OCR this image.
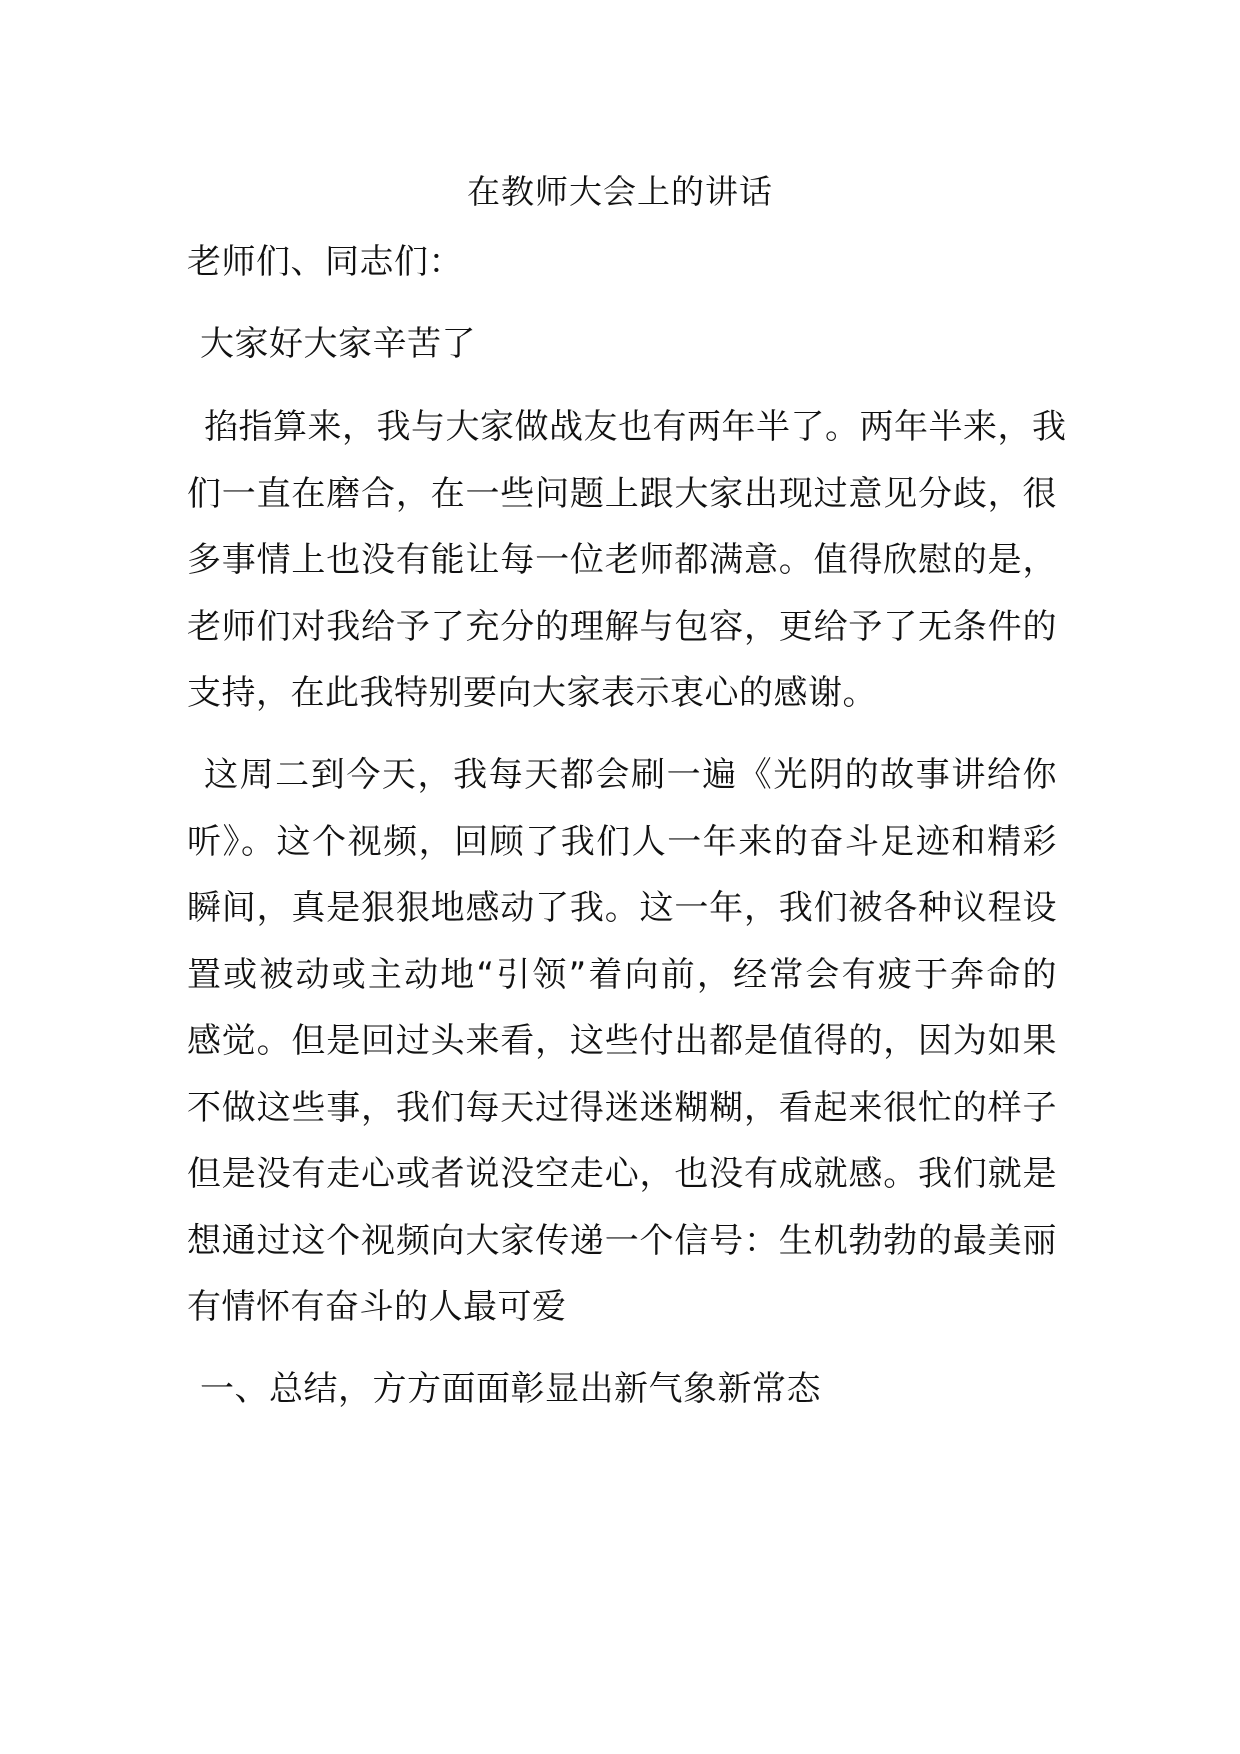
在教师大会上的讲话
老师们、同志们：
大家好大家辛苦了
掐指算来，我与大家做战友也有两年半了。两年半来，我
们一直在磨合，在一些问题上跟大家出现过意见分歧，很
多事情上也没有能让每一位老师都满意。值得欣慰的是，
老师们对我给予了充分的理解与包容，更给予了无条件的
支持，在此我特别要向大家表示衷心的感谢。
这周二到今天，我每天都会刷一遍《光阴的故事讲给你
听》。这个视频，回顾了我们人一年来的奋斗足迹和精彩
瞬间，真是狠狠地感动了我。这一年，我们被各种议程设
置或被动或主动地“引领”着向前，经常会有疲于奔命的
感觉。但是回过头来看，这些付出都是值得的，因为如果
不做这些事，我们每天过得迷迷糊糊，看起来很忙的样子
但是没有走心或者说没空走心，也没有成就感。我们就是
想通过这个视频向大家传递一个信号：生机勃勃的最美丽
有情怀有奋斗的人最可爱
一、总结，方方面面彰显出新气象新常态
